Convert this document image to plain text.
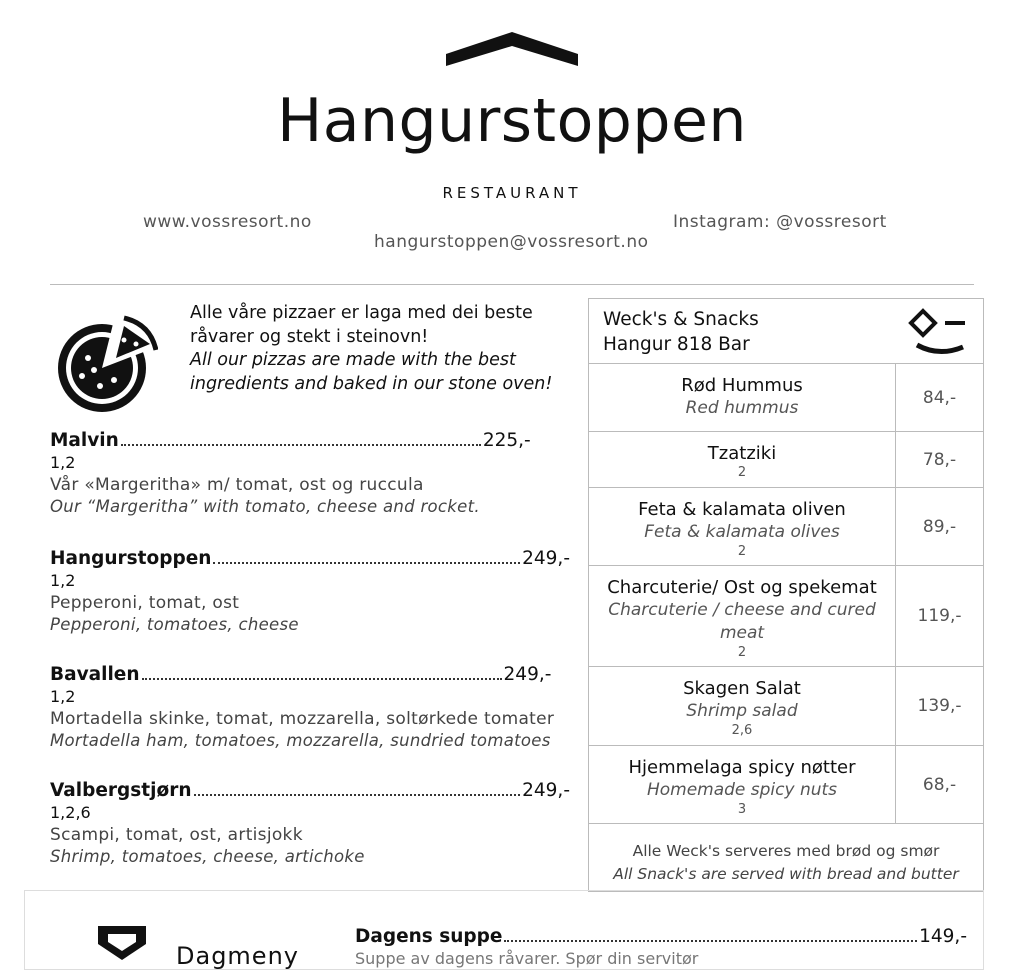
Hangurstoppen
RESTAURANT
www.vossresort.no
hangurstoppen@vossresort.no
Instagram: @vossresort
Alle våre pizzaer er laga med dei beste råvarer og stekt i steinovn!
All our pizzas are made with the best ingredients and baked in our stone oven!
Malvin	225,-
1,2
Vår «Margeritha» m/ tomat, ost og ruccula
Our “Margeritha” with tomato, cheese and rocket.
Hangurstoppen	249,-
1,2
Pepperoni, tomat, ost
Pepperoni, tomatoes, cheese
Bavallen	249,-
1,2
Mortadella skinke, tomat, mozzarella, soltørkede tomater
Mortadella ham, tomatoes, mozzarella, sundried tomatoes
Valbergstjørn	249,-
1,2,6
Scampi, tomat, ost, artisjokk
Shrimp, tomatoes, cheese, artichoke
Weck's & Snacks
Hangur 818 Bar
Rød Hummus
Red hummus
84,-
Tzatziki
2
78,-
Feta & kalamata oliven
Feta & kalamata olives
2
89,-
Charcuterie/ Ost og spekemat
Charcuterie / cheese and cured meat
2
119,-
Skagen Salat
Shrimp salad
2,6
139,-
Hjemmelaga spicy nøtter
Homemade spicy nuts
3
68,-
Alle Weck's serveres med brød og smør
All Snack's are served with bread and butter
Dagmeny
Dagens suppe	149,-
Suppe av dagens råvarer. Spør din servitør
